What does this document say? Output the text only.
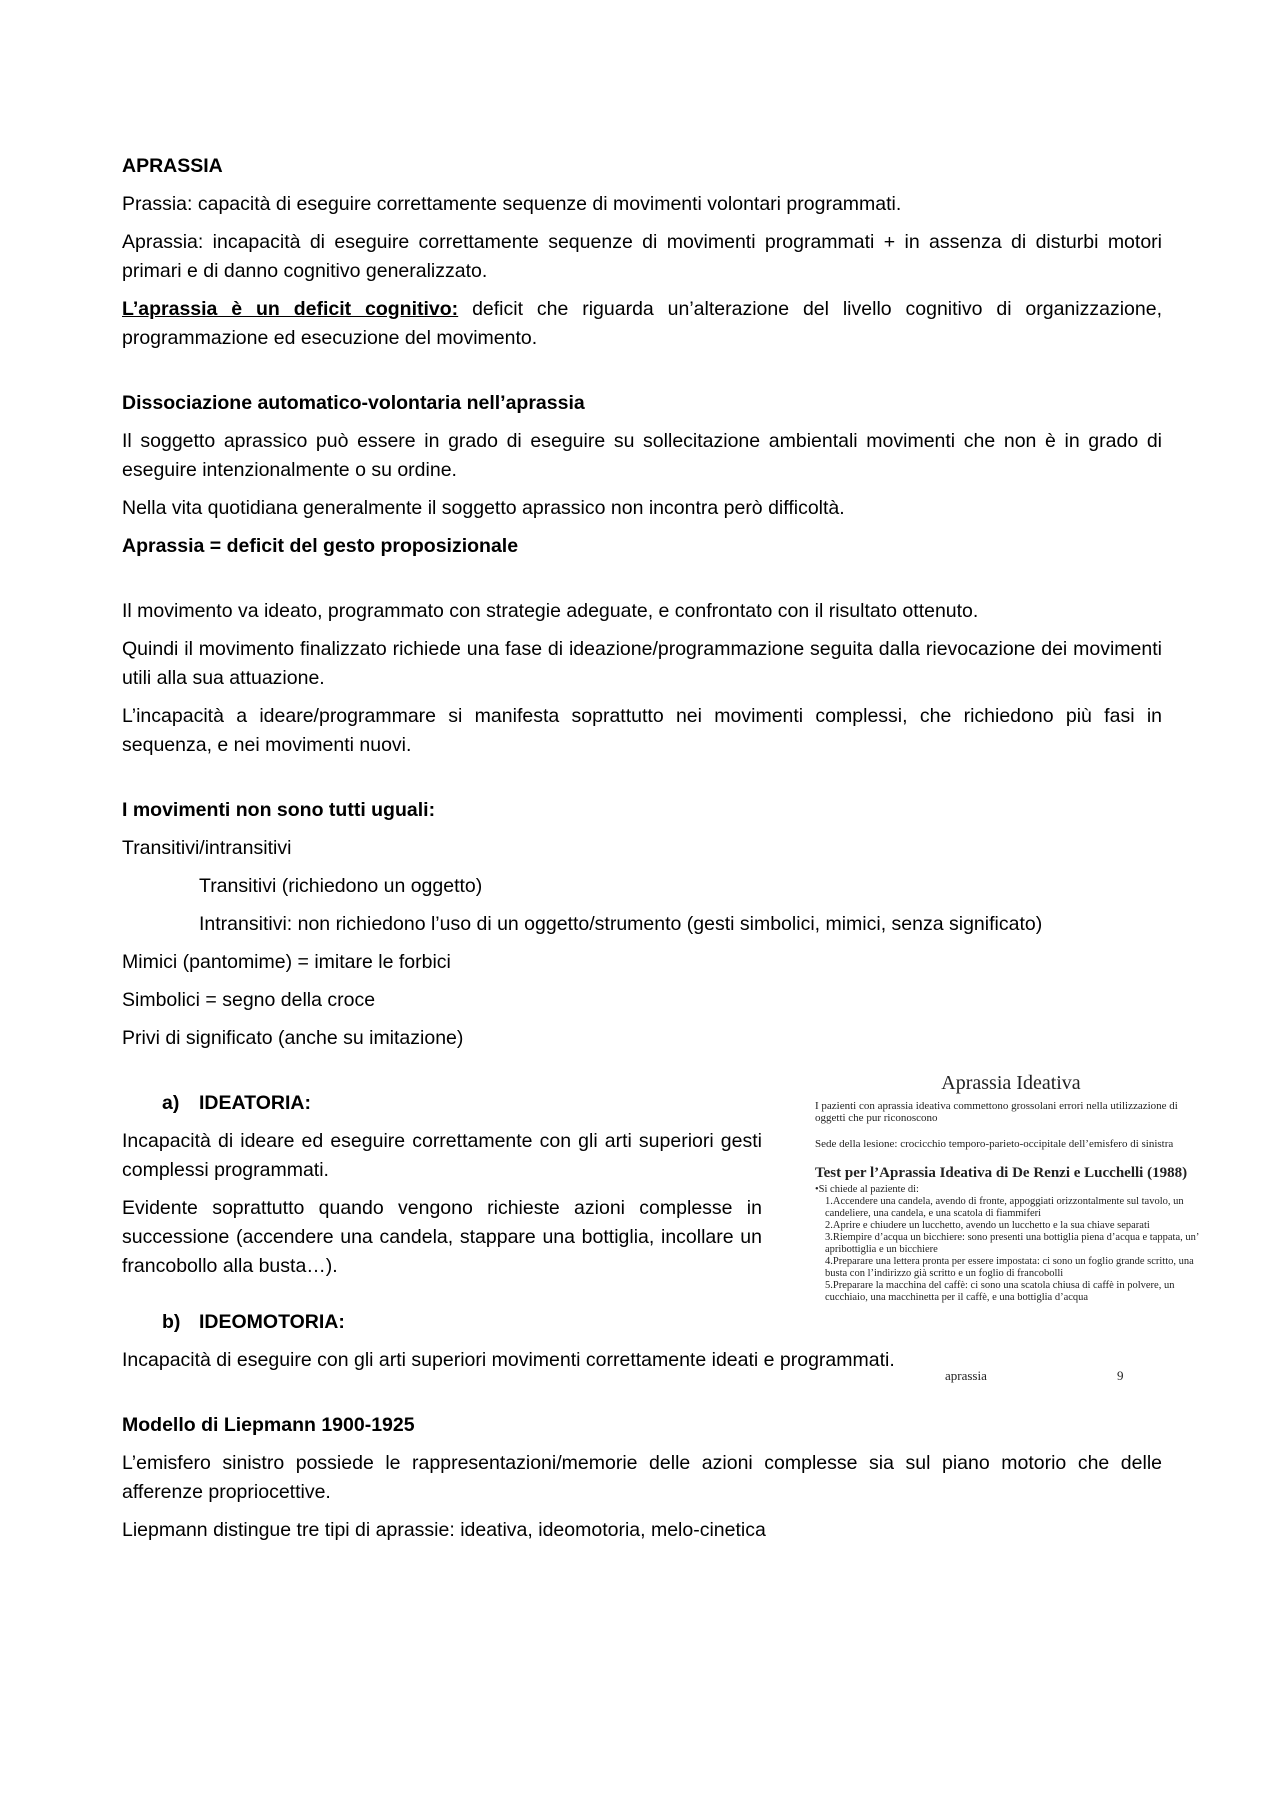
APRASSIA

Prassia: capacità di eseguire correttamente sequenze di movimenti volontari programmati.

Aprassia: incapacità di eseguire correttamente sequenze di movimenti programmati + in assenza di disturbi motori primari e di danno cognitivo generalizzato.

L’aprassia è un deficit cognitivo: deficit che riguarda un’alterazione del livello cognitivo di organizzazione, programmazione ed esecuzione del movimento.

Dissociazione automatico-volontaria nell’aprassia

Il soggetto aprassico può essere in grado di eseguire su sollecitazione ambientali movimenti che non è in grado di eseguire intenzionalmente o su ordine.

Nella vita quotidiana generalmente il soggetto aprassico non incontra però difficoltà.

Aprassia = deficit del gesto proposizionale

Il movimento va ideato, programmato con strategie adeguate, e confrontato con il risultato ottenuto.

Quindi il movimento finalizzato richiede una fase di ideazione/programmazione seguita dalla rievocazione dei movimenti utili alla sua attuazione.

L’incapacità a ideare/programmare si manifesta soprattutto nei movimenti complessi, che richiedono più fasi in sequenza, e nei movimenti nuovi.

I movimenti non sono tutti uguali:

Transitivi/intransitivi

Transitivi (richiedono un oggetto)

Intransitivi: non richiedono l’uso di un oggetto/strumento (gesti simbolici, mimici, senza significato)

Mimici (pantomime) = imitare le forbici

Simbolici = segno della croce

Privi di significato (anche su imitazione)

a) IDEATORIA:

Incapacità di ideare ed eseguire correttamente con gli arti superiori gesti complessi programmati.

Evidente soprattutto quando vengono richieste azioni complesse in successione (accendere una candela, stappare una bottiglia, incollare un francobollo alla busta…).

b) IDEOMOTORIA:

Incapacità di eseguire con gli arti superiori movimenti correttamente ideati e programmati.

Modello di Liepmann 1900-1925

L’emisfero sinistro possiede le rappresentazioni/memorie delle azioni complesse sia sul piano motorio che delle afferenze propriocettive.

Liepmann distingue tre tipi di aprassie: ideativa, ideomotoria, melo-cinetica

Aprassia Ideativa
I pazienti con aprassia ideativa commettono grossolani errori nella utilizzazione di oggetti che pur riconoscono
Sede della lesione: crocicchio temporo-parieto-occipitale dell’emisfero di sinistra
Test per l’Aprassia Ideativa di De Renzi e Lucchelli (1988)
•Si chiede al paziente di:
1.Accendere una candela, avendo di fronte, appoggiati orizzontalmente sul tavolo, un candeliere, una candela, e una scatola di fiammiferi
2.Aprire e chiudere un lucchetto, avendo un lucchetto e la sua chiave separati
3.Riempire d’acqua un bicchiere: sono presenti una bottiglia piena d’acqua e tappata, un’ apribottiglia e un bicchiere
4.Preparare una lettera pronta per essere impostata: ci sono un foglio grande scritto, una busta con l’indirizzo già scritto e un foglio di francobolli
5.Preparare la macchina del caffè: ci sono una scatola chiusa di caffè in polvere, un cucchiaio, una macchinetta per il caffè, e una bottiglia d’acqua
aprassia	9
